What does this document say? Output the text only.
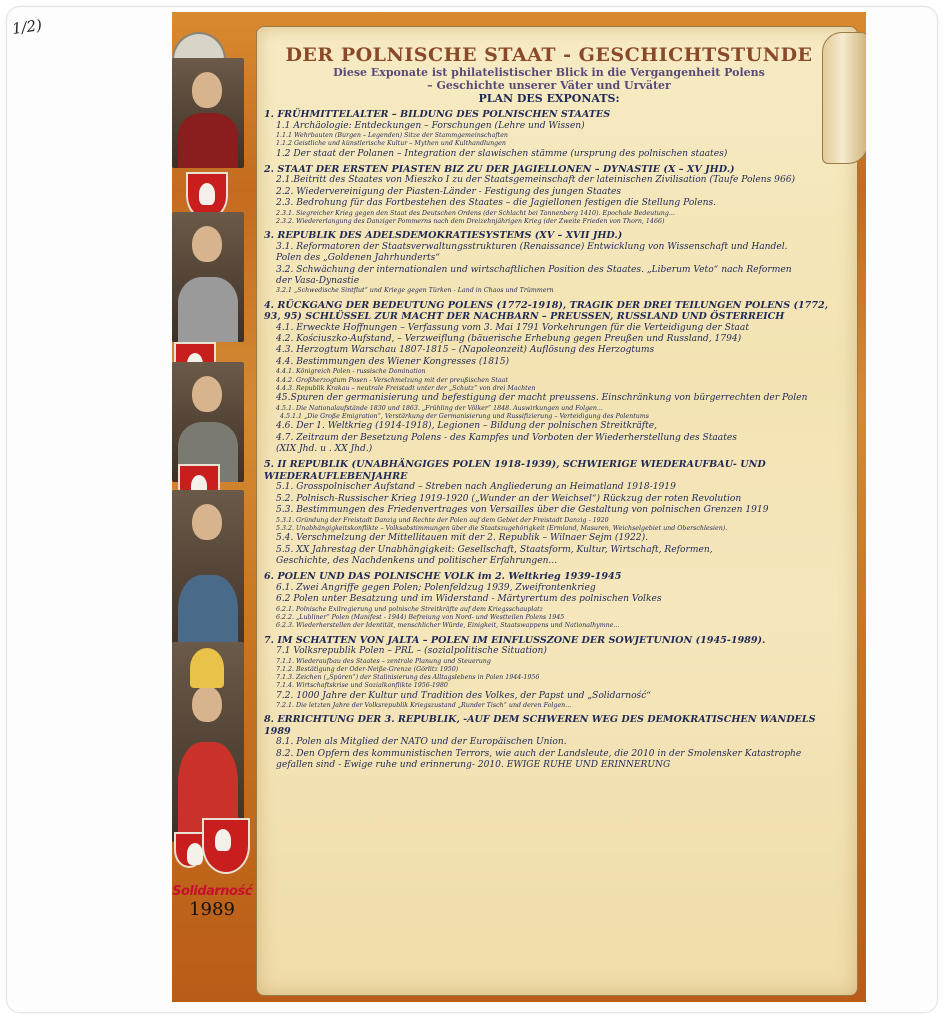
1/2)
Solidarność
1989
DER POLNISCHE STAAT - GESCHICHTSTUNDE

Diese Exponate ist philatelistischer Blick in die Vergangenheit Polens

– Geschichte unserer Väter und Urväter

PLAN DES EXPONATS:

1. FRÜHMITTELALTER – BILDUNG DES POLNISCHEN STAATES
1.1 Archäologie: Entdeckungen – Forschungen (Lehre und Wissen)
1.1.1 Wehrbauten (Burgen – Legenden) Sitze der Stammgemeinschaften
1.1.2 Geistliche und künstlerische Kultur – Mythen und Kulthandlungen
1.2 Der staat der Polanen – Integration der slawischen stämme (ursprung des polnischen staates)
2. STAAT DER ERSTEN PIASTEN BIZ ZU DER JAGIELLONEN – DYNASTIE (X – XV JHD.)
2.1.Beitritt des Staates von Mieszko I zu der Staatsgemeinschaft der lateinischen Zivilisation (Taufe Polens 966)
2.2. Wiedervereinigung der Piasten-Länder - Festigung des jungen Staates
2.3. Bedrohung für das Fortbestehen des Staates – die Jagiellonen festigen die Stellung Polens.
2.3.1. Siegreicher Krieg gegen den Staat des Deutschen Ordens (der Schlacht bei Tannenberg 1410). Epochale Bedeutung...
2.3.2. Wiedererlangung des Danziger Pommerns nach dem Dreizehnjährigen Krieg (der Zweite Frieden von Thorn, 1466)
3. REPUBLIK DES ADELSDEMOKRATIESYSTEMS (XV – XVII JHD.)
3.1. Reformatoren der Staatsverwaltungsstrukturen (Renaissance) Entwicklung von Wissenschaft und Handel.
Polen des „Goldenen Jahrhunderts“
3.2. Schwächung der internationalen und wirtschaftlichen Position des Staates. „Liberum Veto“ nach Reformen
der Vasa-Dynastie
3.2.1 „Schwedische Sintflut“ und Kriege gegen Türken - Land in Chaos und Trümmern
4. RÜCKGANG DER BEDEUTUNG POLENS (1772-1918), TRAGIK DER DREI TEILUNGEN POLENS (1772, 93, 95) SCHLÜSSEL ZUR MACHT DER NACHBARN – PREUSSEN, RUSSLAND UND ÖSTERREICH
4.1. Erweckte Hoffnungen – Verfassung vom 3. Mai 1791 Vorkehrungen für die Verteidigung der Staat
4.2. Kościuszko-Aufstand, – Verzweiflung (bäuerische Erhebung gegen Preußen und Russland, 1794)
4.3. Herzogtum Warschau 1807-1815 – (Napoleonzeit) Auflösung des Herzogtums
4.4. Bestimmungen des Wiener Kongresses (1815)
4.4.1. Königreich Polen - russische Domination
4.4.2. Großherzogtum Posen - Verschmelzung mit der preußischen Staat
4.4.3. Republik Krakau – neutrale Freistadt unter der „Schutz“ von drei Machten
45.Spuren der germanisierung und befestigung der macht preussens. Einschränkung von bürgerrechten der Polen
4.5.1. Die Nationalaufstände 1830 und 1863. „Frühling der Völker“ 1848. Auswirkungen und Folgen...
4.5.1.1 „Die Große Emigration“, Verstärkung der Germanisierung und Russifizierung – Verteidigung des Polentums
4.6. Der 1. Weltkrieg (1914-1918), Legionen – Bildung der polnischen Streitkräfte,
4.7. Zeitraum der Besetzung Polens - des Kampfes und Vorboten der Wiederherstellung des Staates
(XIX Jhd. u . XX Jhd.)
5. II REPUBLIK (UNABHÄNGIGES POLEN 1918-1939), SCHWIERIGE WIEDERAUFBAU- UND WIEDERAUFLEBENJAHRE
5.1. Grosspolnischer Aufstand – Streben nach Angliederung an Heimatland 1918-1919
5.2. Polnisch-Russischer Krieg 1919-1920 („Wunder an der Weichsel“) Rückzug der roten Revolution
5.3. Bestimmungen des Friedenvertrages von Versailles über die Gestaltung von polnischen Grenzen 1919
5.3.1. Gründung der Freistadt Danzig und Rechte der Polen auf dem Gebiet der Freistadt Danzig - 1920
5.3.2. Unabhängigkeitskonflikte – Volksabstimmungen über die Staatszugehörigkeit (Ermland, Masuren, Weichselgebiet und Oberschlesien).
5.4. Verschmelzung der Mittellitauen mit der 2. Republik – Wilnaer Sejm (1922).
5.5. XX Jahrestag der Unabhängigkeit: Gesellschaft, Staatsform, Kultur, Wirtschaft, Reformen,
Geschichte, des Nachdenkens und politischer Erfahrungen...
6. POLEN UND DAS POLNISCHE VOLK im 2. Weltkrieg 1939-1945
6.1. Zwei Angriffe gegen Polen; Polenfeldzug 1939, Zweifrontenkrieg
6.2 Polen unter Besatzung und im Widerstand - Märtyrertum des polnischen Volkes
6.2.1. Polnische Exilregierung und polnische Streitkräfte auf dem Kriegsschauplatz
6.2.2. „Lubliner“ Polen (Manifest - 1944) Befreiung von Nord- und Westteilen Polens 1945
6.2.3. Wiederherstellen der Identität, menschlicher Würde, Einigkeit, Staatswappens und Nationalhymne...
7. IM SCHATTEN VON JALTA – POLEN IM EINFLUSSZONE DER SOWJETUNION (1945-1989).
7.1 Volksrepublik Polen – PRL – (sozialpolitische Situation)
7.1.1. Wiederaufbau des Staates – zentrale Planung und Steuerung
7.1.2. Bestätigung der Oder-Neiße-Grenze (Görlitz 1950)
7.1.3. Zeichen („Spüren“) der Stalinisierung des Alltagslebens in Polen 1944-1956
7.1.4. Wirtschaftskrise und Sozialkonflikte 1956-1980
7.2. 1000 Jahre der Kultur und Tradition des Volkes, der Papst und „Solidarność“
7.2.1. Die letzten Jahre der Volksrepublik Kriegszustand „Runder Tisch“ und deren Folgen...
8. ERRICHTUNG DER 3. REPUBLIK, -AUF DEM SCHWEREN WEG DES DEMOKRATISCHEN WANDELS 1989
8.1. Polen als Mitglied der NATO und der Europäischen Union.
8.2. Den Opfern des kommunistischen Terrors, wie auch der Landsleute, die 2010 in der Smolensker Katastrophe
gefallen sind - Ewige ruhe und erinnerung- 2010. EWIGE RUHE UND ERINNERUNG
